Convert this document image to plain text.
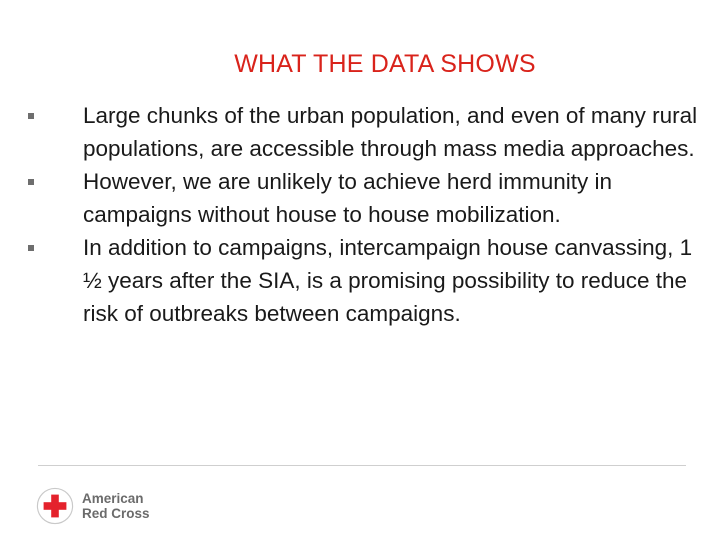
WHAT THE DATA SHOWS
Large chunks of the urban population, and even of many rural populations, are accessible through mass media approaches.
However, we are unlikely to achieve herd immunity in campaigns without house to house mobilization.
In addition to campaigns, intercampaign house canvassing, 1 ½ years after the SIA, is a promising possibility to reduce the risk of outbreaks between campaigns.
American
Red Cross
